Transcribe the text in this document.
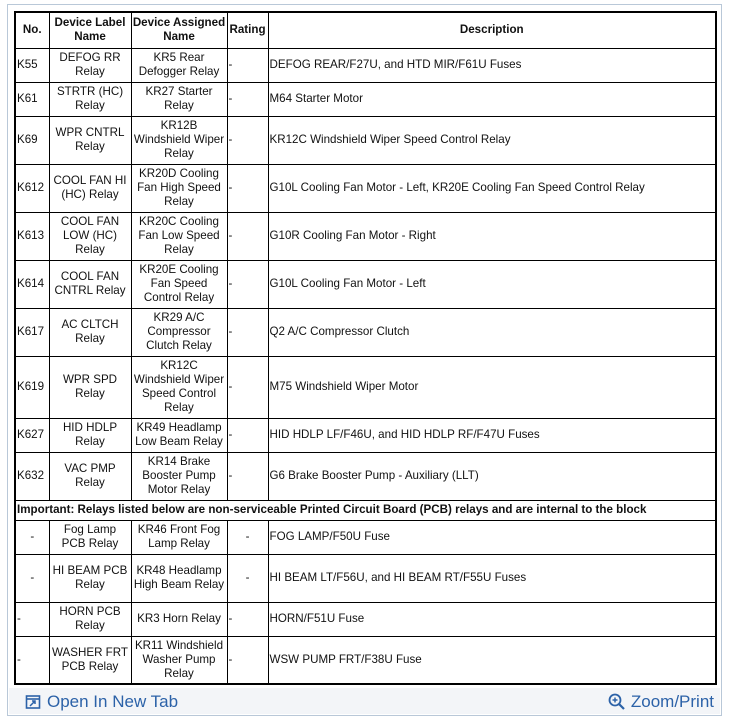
No.	Device Label Name	Device Assigned Name	Rating	Description
K55	DEFOG RR Relay	KR5 Rear Defogger Relay	-	DEFOG REAR/F27U, and HTD MIR/F61U Fuses
K61	STRTR (HC) Relay	KR27 Starter Relay	-	M64 Starter Motor
K69	WPR CNTRL Relay	KR12B Windshield Wiper Relay	-	KR12C Windshield Wiper Speed Control Relay
K612	COOL FAN HI (HC) Relay	KR20D Cooling Fan High Speed Relay	-	G10L Cooling Fan Motor - Left, KR20E Cooling Fan Speed Control Relay
K613	COOL FAN LOW (HC) Relay	KR20C Cooling Fan Low Speed Relay	-	G10R Cooling Fan Motor - Right
K614	COOL FAN CNTRL Relay	KR20E Cooling Fan Speed Control Relay	-	G10L Cooling Fan Motor - Left
K617	AC CLTCH Relay	KR29 A/C Compressor Clutch Relay	-	Q2 A/C Compressor Clutch
K619	WPR SPD Relay	KR12C Windshield Wiper Speed Control Relay	-	M75 Windshield Wiper Motor
K627	HID HDLP Relay	KR49 Headlamp Low Beam Relay	-	HID HDLP LF/F46U, and HID HDLP RF/F47U Fuses
K632	VAC PMP Relay	KR14 Brake Booster Pump Motor Relay	-	G6 Brake Booster Pump - Auxiliary (LLT)
Important: Relays listed below are non-serviceable Printed Circuit Board (PCB) relays and are internal to the block				
-	Fog Lamp PCB Relay	KR46 Front Fog Lamp Relay	-	FOG LAMP/F50U Fuse
-	HI BEAM PCB Relay	KR48 Headlamp High Beam Relay	-	HI BEAM LT/F56U, and HI BEAM RT/F55U Fuses
-	HORN PCB Relay	KR3 Horn Relay	-	HORN/F51U Fuse
-	WASHER FRT PCB Relay	KR11 Windshield Washer Pump Relay	-	WSW PUMP FRT/F38U Fuse
Open In New Tab	Zoom/Print
